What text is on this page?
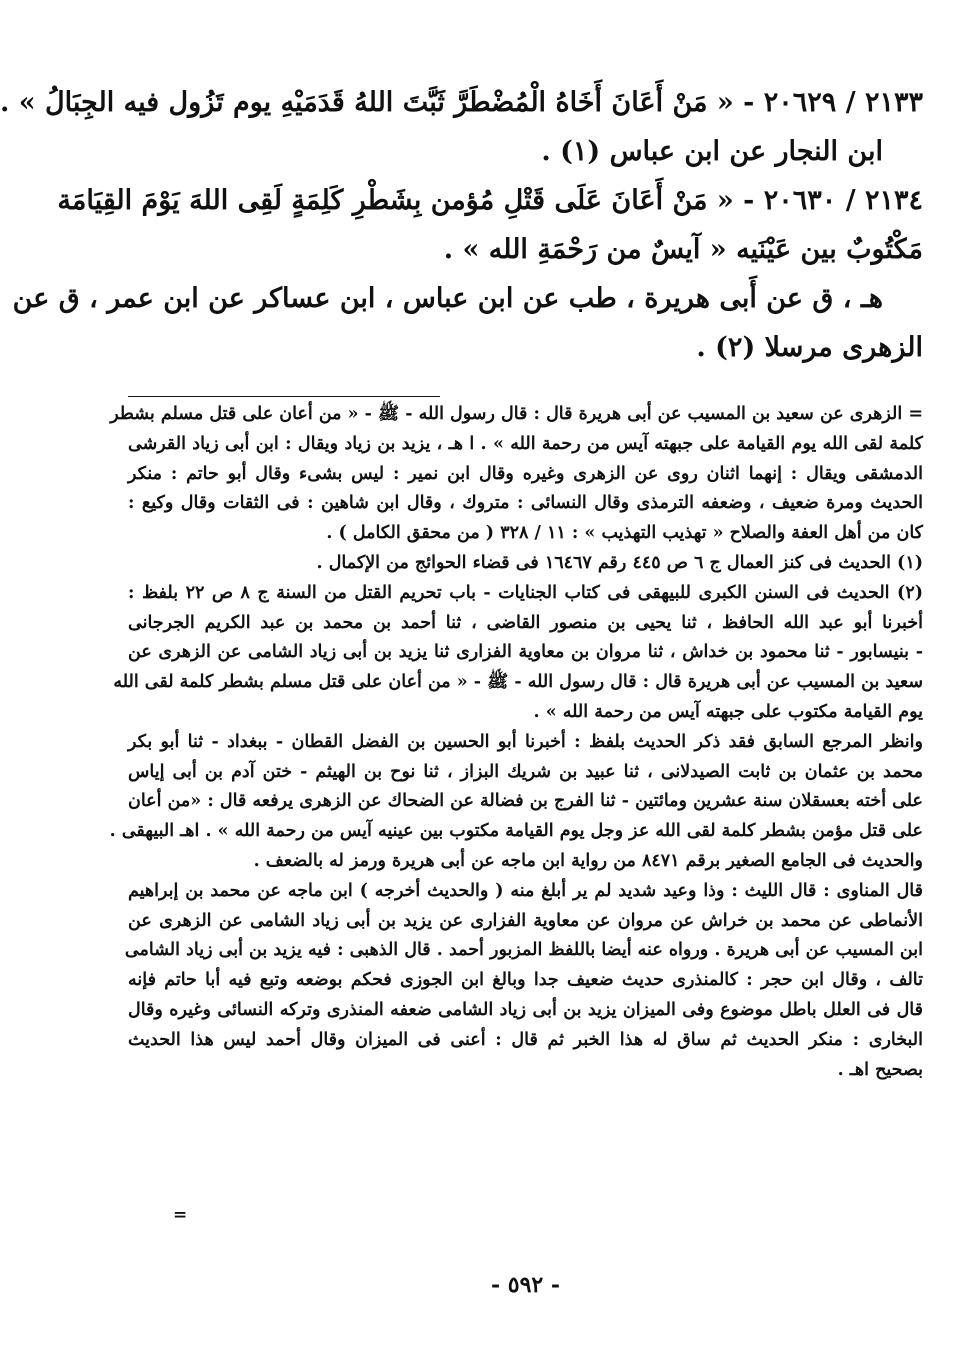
٢١٣٣ / ٢٠٦٢٩ - « مَنْ أَعَانَ أَخَاهُ الْمُضْطَرَّ ثَبَّتَ اللهُ قَدَمَيْهِ يوم تَزُول فيه الجِبَالُ » .
ابن النجار عن ابن عباس (١) .
٢١٣٤ / ٢٠٦٣٠ - « مَنْ أَعَانَ عَلَى قَتْلِ مُؤمن بِشَطْرِ كَلِمَةٍ لَقِى اللهَ يَوْمَ القِيَامَة
مَكْتُوبٌ بين عَيْنَيه « آيسٌ من رَحْمَةِ الله » .
هـ ، ق عن أَبى هريرة ، طب عن ابن عباس ، ابن عساكر عن ابن عمر ، ق عن
الزهرى مرسلا (٢) .
= الزهرى عن سعيد بن المسيب عن أبى هريرة قال : قال رسول الله - ﷺ - « من أعان على قتل مسلم بشطر
كلمة لقى الله يوم القيامة على جبهته آيس من رحمة الله » . ا هـ ، يزيد بن زياد ويقال : ابن أبى زياد القرشى
الدمشقى ويقال : إنهما اثنان روى عن الزهرى وغيره وقال ابن نمير : ليس بشىء وقال أبو حاتم : منكر
الحديث ومرة ضعيف ، وضعفه الترمذى وقال النسائى : متروك ، وقال ابن شاهين : فى الثقات وقال وكيع :
كان من أهل العفة والصلاح « تهذيب التهذيب » : ١١ / ٣٢٨ ( من محقق الكامل ) .
(١) الحديث فى كنز العمال ج ٦ ص ٤٤٥ رقم ١٦٤٦٧ فى قضاء الحوائج من الإكمال .
(٢) الحديث فى السنن الكبرى للبيهقى فى كتاب الجنايات - باب تحريم القتل من السنة ج ٨ ص ٢٢ بلفظ :
أخبرنا أبو عبد الله الحافظ ، ثنا يحيى بن منصور القاضى ، ثنا أحمد بن محمد بن عبد الكريم الجرجانى
- بنيسابور - ثنا محمود بن خداش ، ثنا مروان بن معاوية الفزارى ثنا يزيد بن أبى زياد الشامى عن الزهرى عن
سعيد بن المسيب عن أبى هريرة قال : قال رسول الله - ﷺ - « من أعان على قتل مسلم بشطر كلمة لقى الله
يوم القيامة مكتوب على جبهته آيس من رحمة الله » .
وانظر المرجع السابق فقد ذكر الحديث بلفظ : أخبرنا أبو الحسين بن الفضل القطان - ببغداد - ثنا أبو بكر
محمد بن عثمان بن ثابت الصيدلانى ، ثنا عبيد بن شريك البزاز ، ثنا نوح بن الهيثم - ختن آدم بن أبى إياس
على أخته بعسقلان سنة عشرين ومائتين - ثنا الفرج بن فضالة عن الضحاك عن الزهرى يرفعه قال : «من أعان
على قتل مؤمن بشطر كلمة لقى الله عز وجل يوم القيامة مكتوب بين عينيه آيس من رحمة الله » . اهـ البيهقى .
والحديث فى الجامع الصغير برقم ٨٤٧١ من رواية ابن ماجه عن أبى هريرة ورمز له بالضعف .
قال المناوى : قال الليث : وذا وعيد شديد لم ير أبلغ منه ( والحديث أخرجه ) ابن ماجه عن محمد بن إبراهيم
الأنماطى عن محمد بن خراش عن مروان عن معاوية الفزارى عن يزيد بن أبى زياد الشامى عن الزهرى عن
ابن المسيب عن أبى هريرة . ورواه عنه أيضا باللفظ المزبور أحمد . قال الذهبى : فيه يزيد بن أبى زياد الشامى
تالف ، وقال ابن حجر : كالمنذرى حديث ضعيف جدا وبالغ ابن الجوزى فحكم بوضعه وتبع فيه أبا حاتم فإنه
قال فى العلل باطل موضوع وفى الميزان يزيد بن أبى زياد الشامى ضعفه المنذرى وتركه النسائى وغيره وقال
البخارى : منكر الحديث ثم ساق له هذا الخبر ثم قال : أعنى فى الميزان وقال أحمد ليس هذا الحديث
بصحيح اهـ .
=
- ٥٩٢ -
